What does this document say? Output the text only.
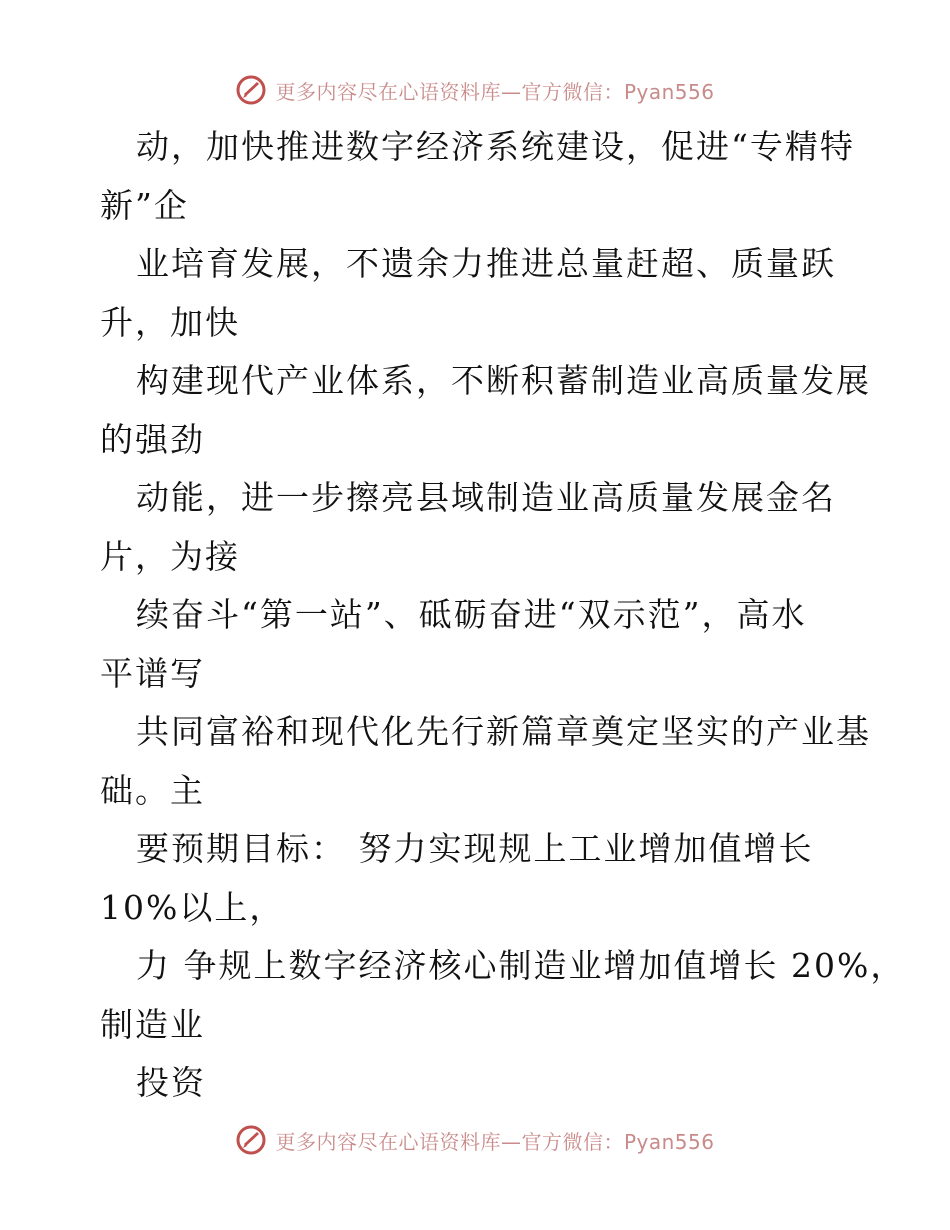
更多内容尽在心语资料库—官方微信：Pyan556
动，加快推进数字经济系统建设，促进“专精特
新”企
业培育发展，不遗余力推进总量赶超、质量跃
升，加快
构建现代产业体系，不断积蓄制造业高质量发展
的强劲
动能，进一步擦亮县域制造业高质量发展金名
片，为接
续奋斗“第一站”、砥砺奋进“双示范”，高水
平谱写
共同富裕和现代化先行新篇章奠定坚实的产业基
础。主
要预期目标： 努力实现规上工业增加值增长
10%以上，
力 争规上数字经济核心制造业增加值增长 20%，
制造业
投资
更多内容尽在心语资料库—官方微信：Pyan556
